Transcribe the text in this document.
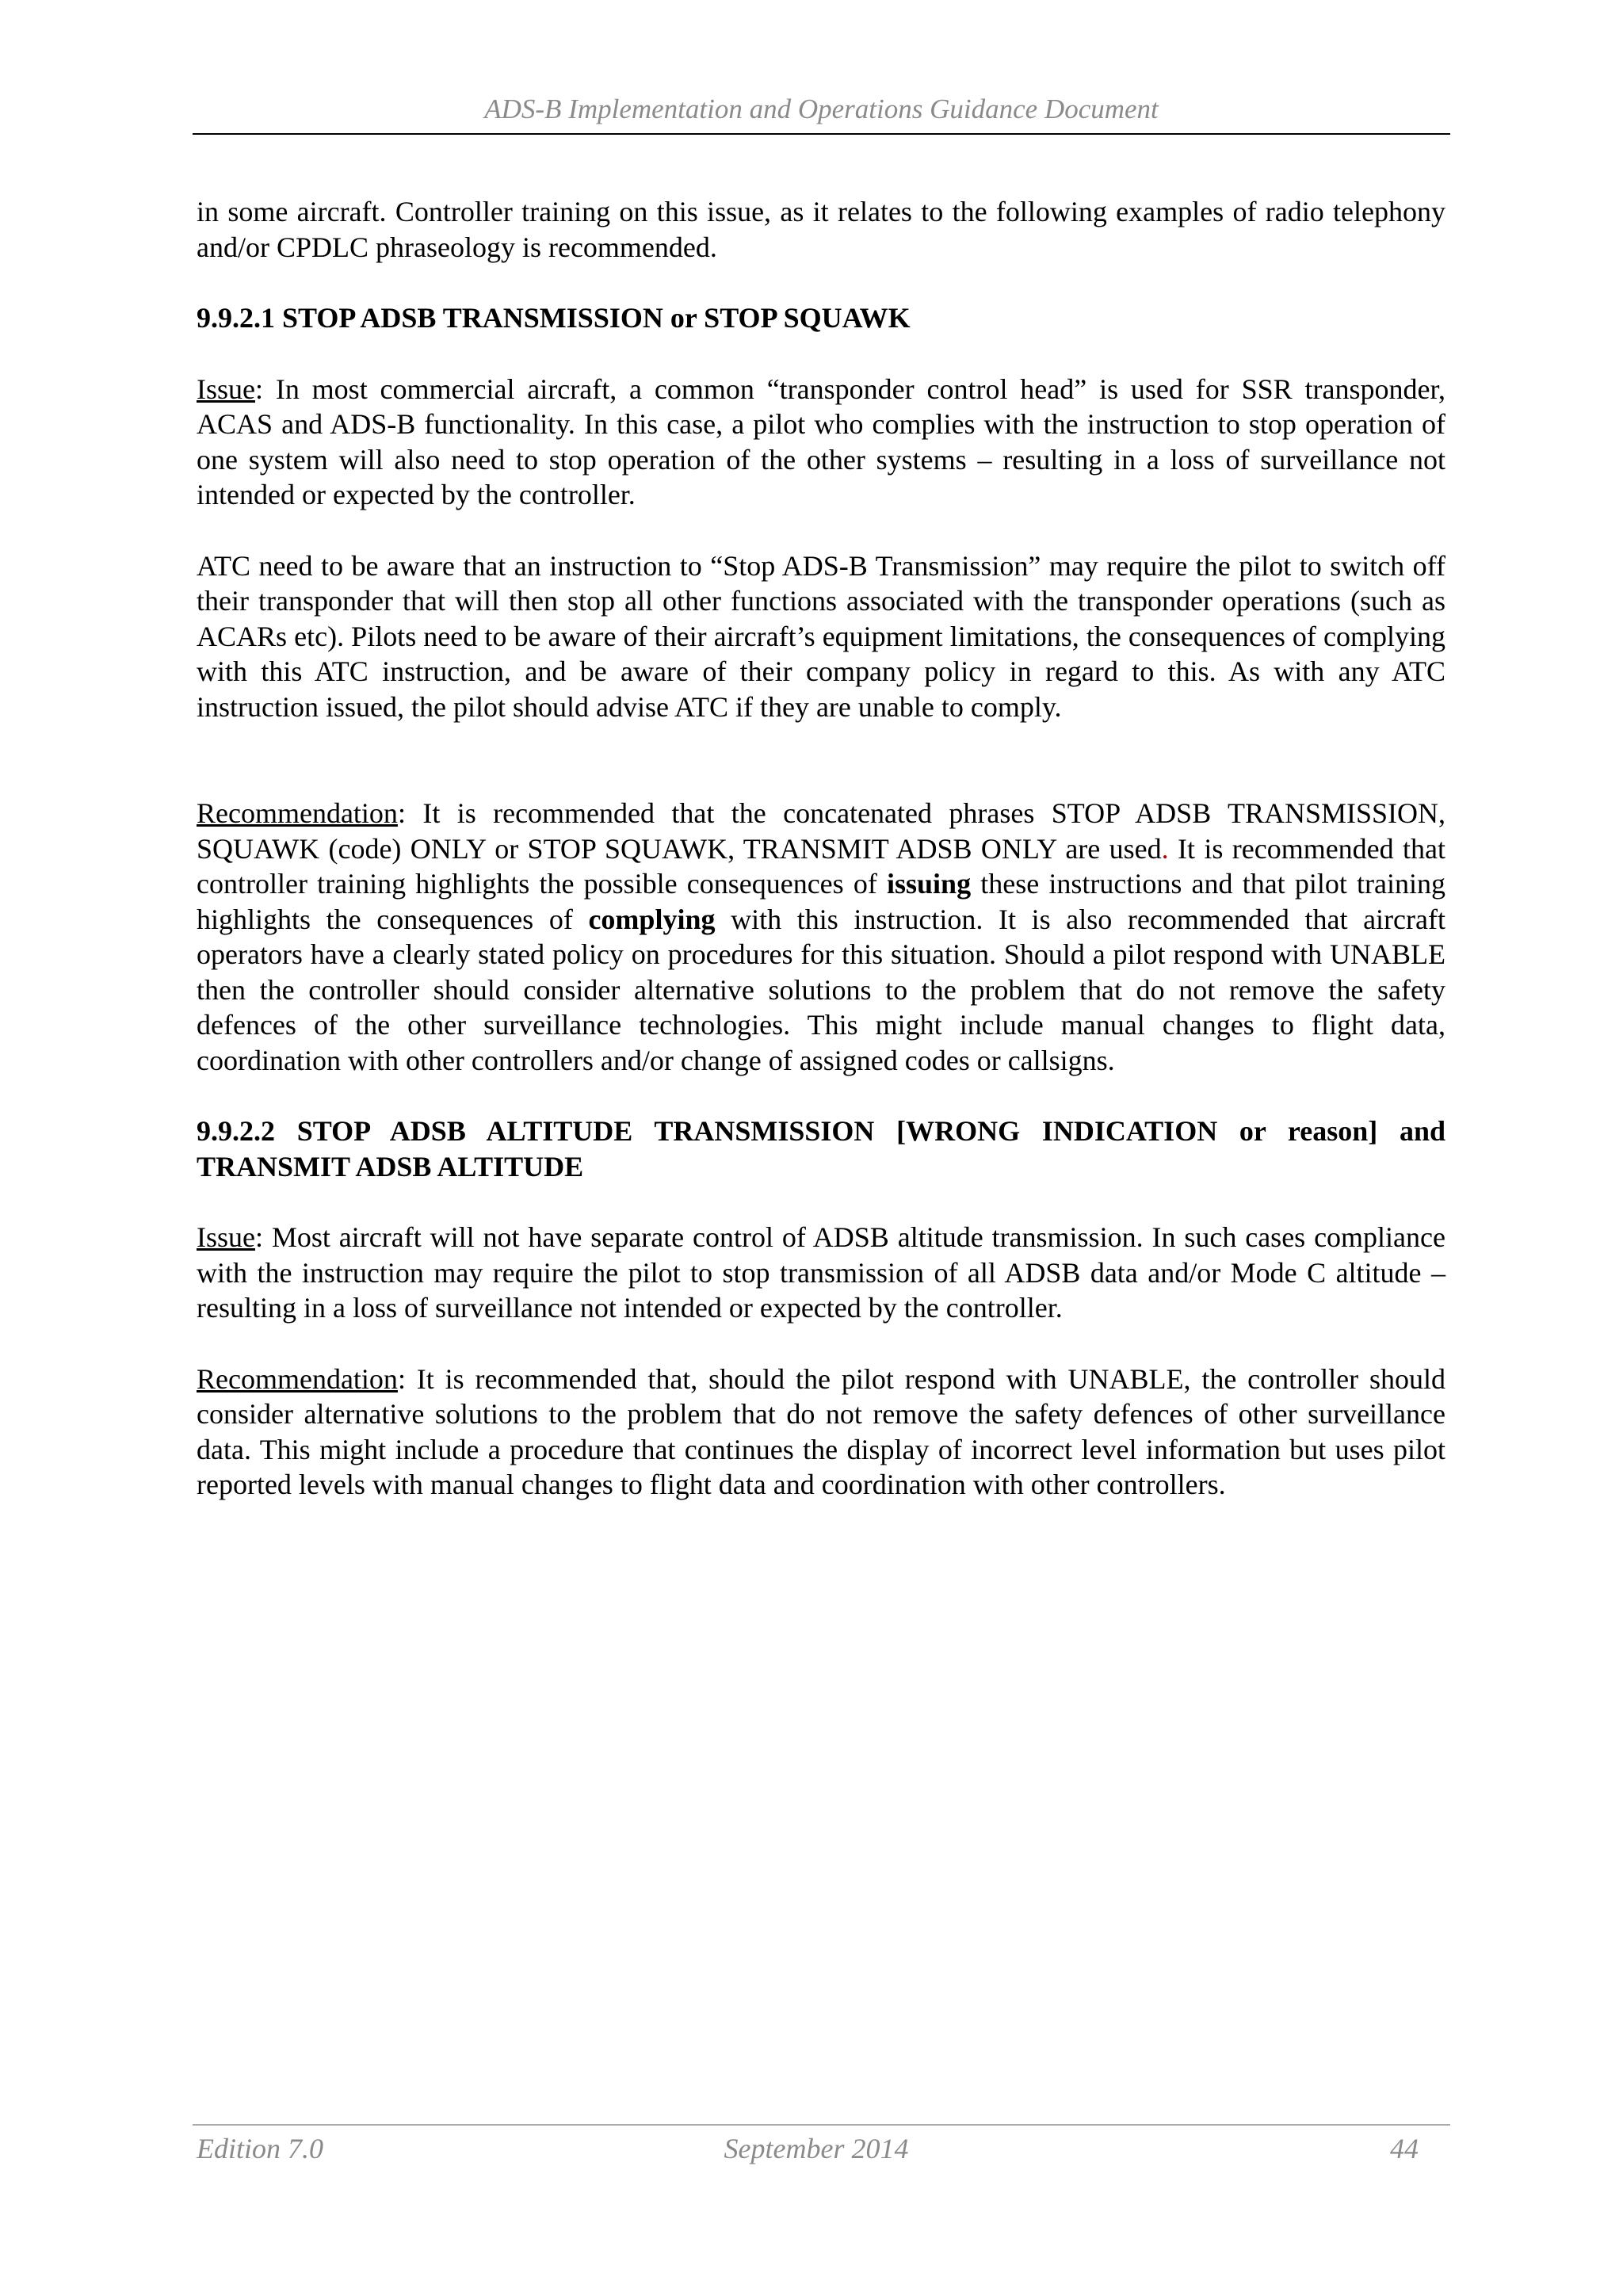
ADS-B Implementation and Operations Guidance Document

in some aircraft. Controller training on this issue, as it relates to the following examples of radio telephony and/or CPDLC phraseology is recommended.

9.9.2.1 STOP ADSB TRANSMISSION or STOP SQUAWK

Issue: In most commercial aircraft, a common “transponder control head” is used for SSR transponder, ACAS and ADS-B functionality. In this case, a pilot who complies with the instruction to stop operation of one system will also need to stop operation of the other systems – resulting in a loss of surveillance not intended or expected by the controller.

ATC need to be aware that an instruction to “Stop ADS-B Transmission” may require the pilot to switch off their transponder that will then stop all other functions associated with the transponder operations (such as ACARs etc). Pilots need to be aware of their aircraft’s equipment limitations, the consequences of complying with this ATC instruction, and be aware of their company policy in regard to this. As with any ATC instruction issued, the pilot should advise ATC if they are unable to comply.

Recommendation: It is recommended that the concatenated phrases STOP ADSB TRANSMISSION, SQUAWK (code) ONLY or STOP SQUAWK, TRANSMIT ADSB ONLY are used. It is recommended that controller training highlights the possible consequences of issuing these instructions and that pilot training highlights the consequences of complying with this instruction. It is also recommended that aircraft operators have a clearly stated policy on procedures for this situation. Should a pilot respond with UNABLE then the controller should consider alternative solutions to the problem that do not remove the safety defences of the other surveillance technologies. This might include manual changes to flight data, coordination with other controllers and/or change of assigned codes or callsigns.

9.9.2.2 STOP ADSB ALTITUDE TRANSMISSION [WRONG INDICATION or reason] and TRANSMIT ADSB ALTITUDE

Issue: Most aircraft will not have separate control of ADSB altitude transmission. In such cases compliance with the instruction may require the pilot to stop transmission of all ADSB data and/or Mode C altitude – resulting in a loss of surveillance not intended or expected by the controller.

Recommendation: It is recommended that, should the pilot respond with UNABLE, the controller should consider alternative solutions to the problem that do not remove the safety defences of other surveillance data. This might include a procedure that continues the display of incorrect level information but uses pilot reported levels with manual changes to flight data and coordination with other controllers.

Edition 7.0	September 2014	44
